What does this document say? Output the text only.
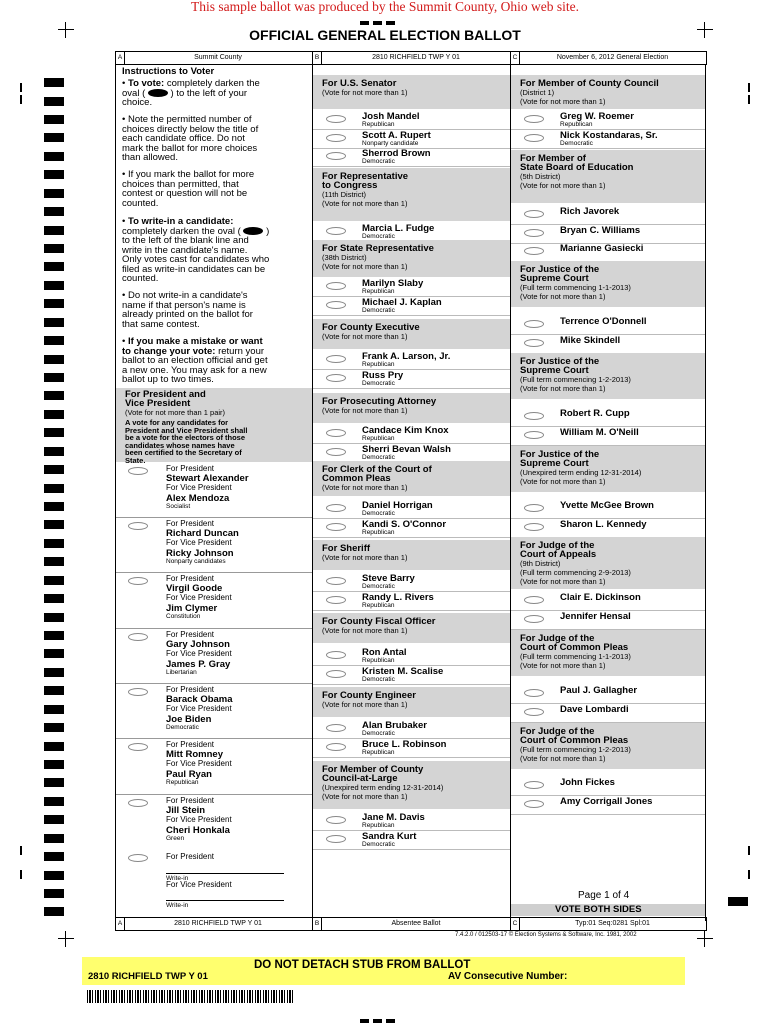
This sample ballot was produced by the Summit County, Ohio web site.
OFFICIAL GENERAL ELECTION BALLOT
A	Summit County	B	2810 RICHFIELD TWP Y 01	C	November 6, 2012 General Election
Instructions to Voter
• To vote: completely darken the
oval (	) to the left of your
choice.
• Note the permitted number of
choices directly below the title of
each candidate office. Do not
mark the ballot for more choices
than allowed.
• If you mark the ballot for more
choices than permitted, that
contest or question will not be
counted.
• To write-in a candidate:
completely darken the oval (	)
to the left of the blank line and
write in the candidate's name.
Only votes cast for candidates who
filed as write-in candidates can be
counted.
• Do not write-in a candidate's
name if that person's name is
already printed on the ballot for
that same contest.
• If you make a mistake or want
to change your vote: return your
ballot to an election official and get
a new one. You may ask for a new
ballot up to two times.
For President and
Vice President
(Vote for not more than 1 pair)
A vote for any candidates for
President and Vice President shall
be a vote for the electors of those
candidates whose names have
been certified to the Secretary of
State.
For President
Stewart Alexander
For Vice President
Alex Mendoza
Socialist
For President
Richard Duncan
For Vice President
Ricky Johnson
Nonparty candidates
For President
Virgil Goode
For Vice President
Jim Clymer
Constitution
For President
Gary Johnson
For Vice President
James P. Gray
Libertarian
For President
Barack Obama
For Vice President
Joe Biden
Democratic
For President
Mitt Romney
For Vice President
Paul Ryan
Republican
For President
Jill Stein
For Vice President
Cheri Honkala
Green
For President
Write-in
For Vice President
Write-in
For U.S. Senator
(Vote for not more than 1)
Josh Mandel
Republican
Scott A. Rupert
Nonparty candidate
Sherrod Brown
Democratic
For Representative
to Congress
(11th District)
(Vote for not more than 1)
Marcia L. Fudge
Democratic
For State Representative
(38th District)
(Vote for not more than 1)
Marilyn Slaby
Republican
Michael J. Kaplan
Democratic
For County Executive
(Vote for not more than 1)
Frank A. Larson, Jr.
Republican
Russ Pry
Democratic
For Prosecuting Attorney
(Vote for not more than 1)
Candace Kim Knox
Republican
Sherri Bevan Walsh
Democratic
For Clerk of the Court of
Common Pleas
(Vote for not more than 1)
Daniel Horrigan
Democratic
Kandi S. O'Connor
Republican
For Sheriff
(Vote for not more than 1)
Steve Barry
Democratic
Randy L. Rivers
Republican
For County Fiscal Officer
(Vote for not more than 1)
Ron Antal
Republican
Kristen M. Scalise
Democratic
For County Engineer
(Vote for not more than 1)
Alan Brubaker
Democratic
Bruce L. Robinson
Republican
For Member of County
Council-at-Large
(Unexpired term ending 12-31-2014)
(Vote for not more than 1)
Jane M. Davis
Republican
Sandra Kurt
Democratic
For Member of County Council
(District 1)
(Vote for not more than 1)
Greg W. Roemer
Republican
Nick Kostandaras, Sr.
Democratic
For Member of
State Board of Education
(5th District)
(Vote for not more than 1)
Rich Javorek
Bryan C. Williams
Marianne Gasiecki
For Justice of the
Supreme Court
(Full term commencing 1-1-2013)
(Vote for not more than 1)
Terrence O'Donnell
Mike Skindell
For Justice of the
Supreme Court
(Full term commencing 1-2-2013)
(Vote for not more than 1)
Robert R. Cupp
William M. O'Neill
For Justice of the
Supreme Court
(Unexpired term ending 12-31-2014)
(Vote for not more than 1)
Yvette McGee Brown
Sharon L. Kennedy
For Judge of the
Court of Appeals
(9th District)
(Full term commencing 2-9-2013)
(Vote for not more than 1)
Clair E. Dickinson
Jennifer Hensal
For Judge of the
Court of Common Pleas
(Full term commencing 1-1-2013)
(Vote for not more than 1)
Paul J. Gallagher
Dave Lombardi
For Judge of the
Court of Common Pleas
(Full term commencing 1-2-2013)
(Vote for not more than 1)
John Fickes
Amy Corrigall Jones
Page 1 of 4
VOTE BOTH SIDES
A	2810 RICHFIELD TWP Y 01	B	Absentee Ballot	C	Typ:01 Seq:0281 Spl:01
7.4.2.0 / 012503-17 © Election Systems & Software, Inc. 1981, 2002
DO NOT DETACH STUB FROM BALLOT
2810 RICHFIELD TWP Y 01	AV Consecutive Number:
